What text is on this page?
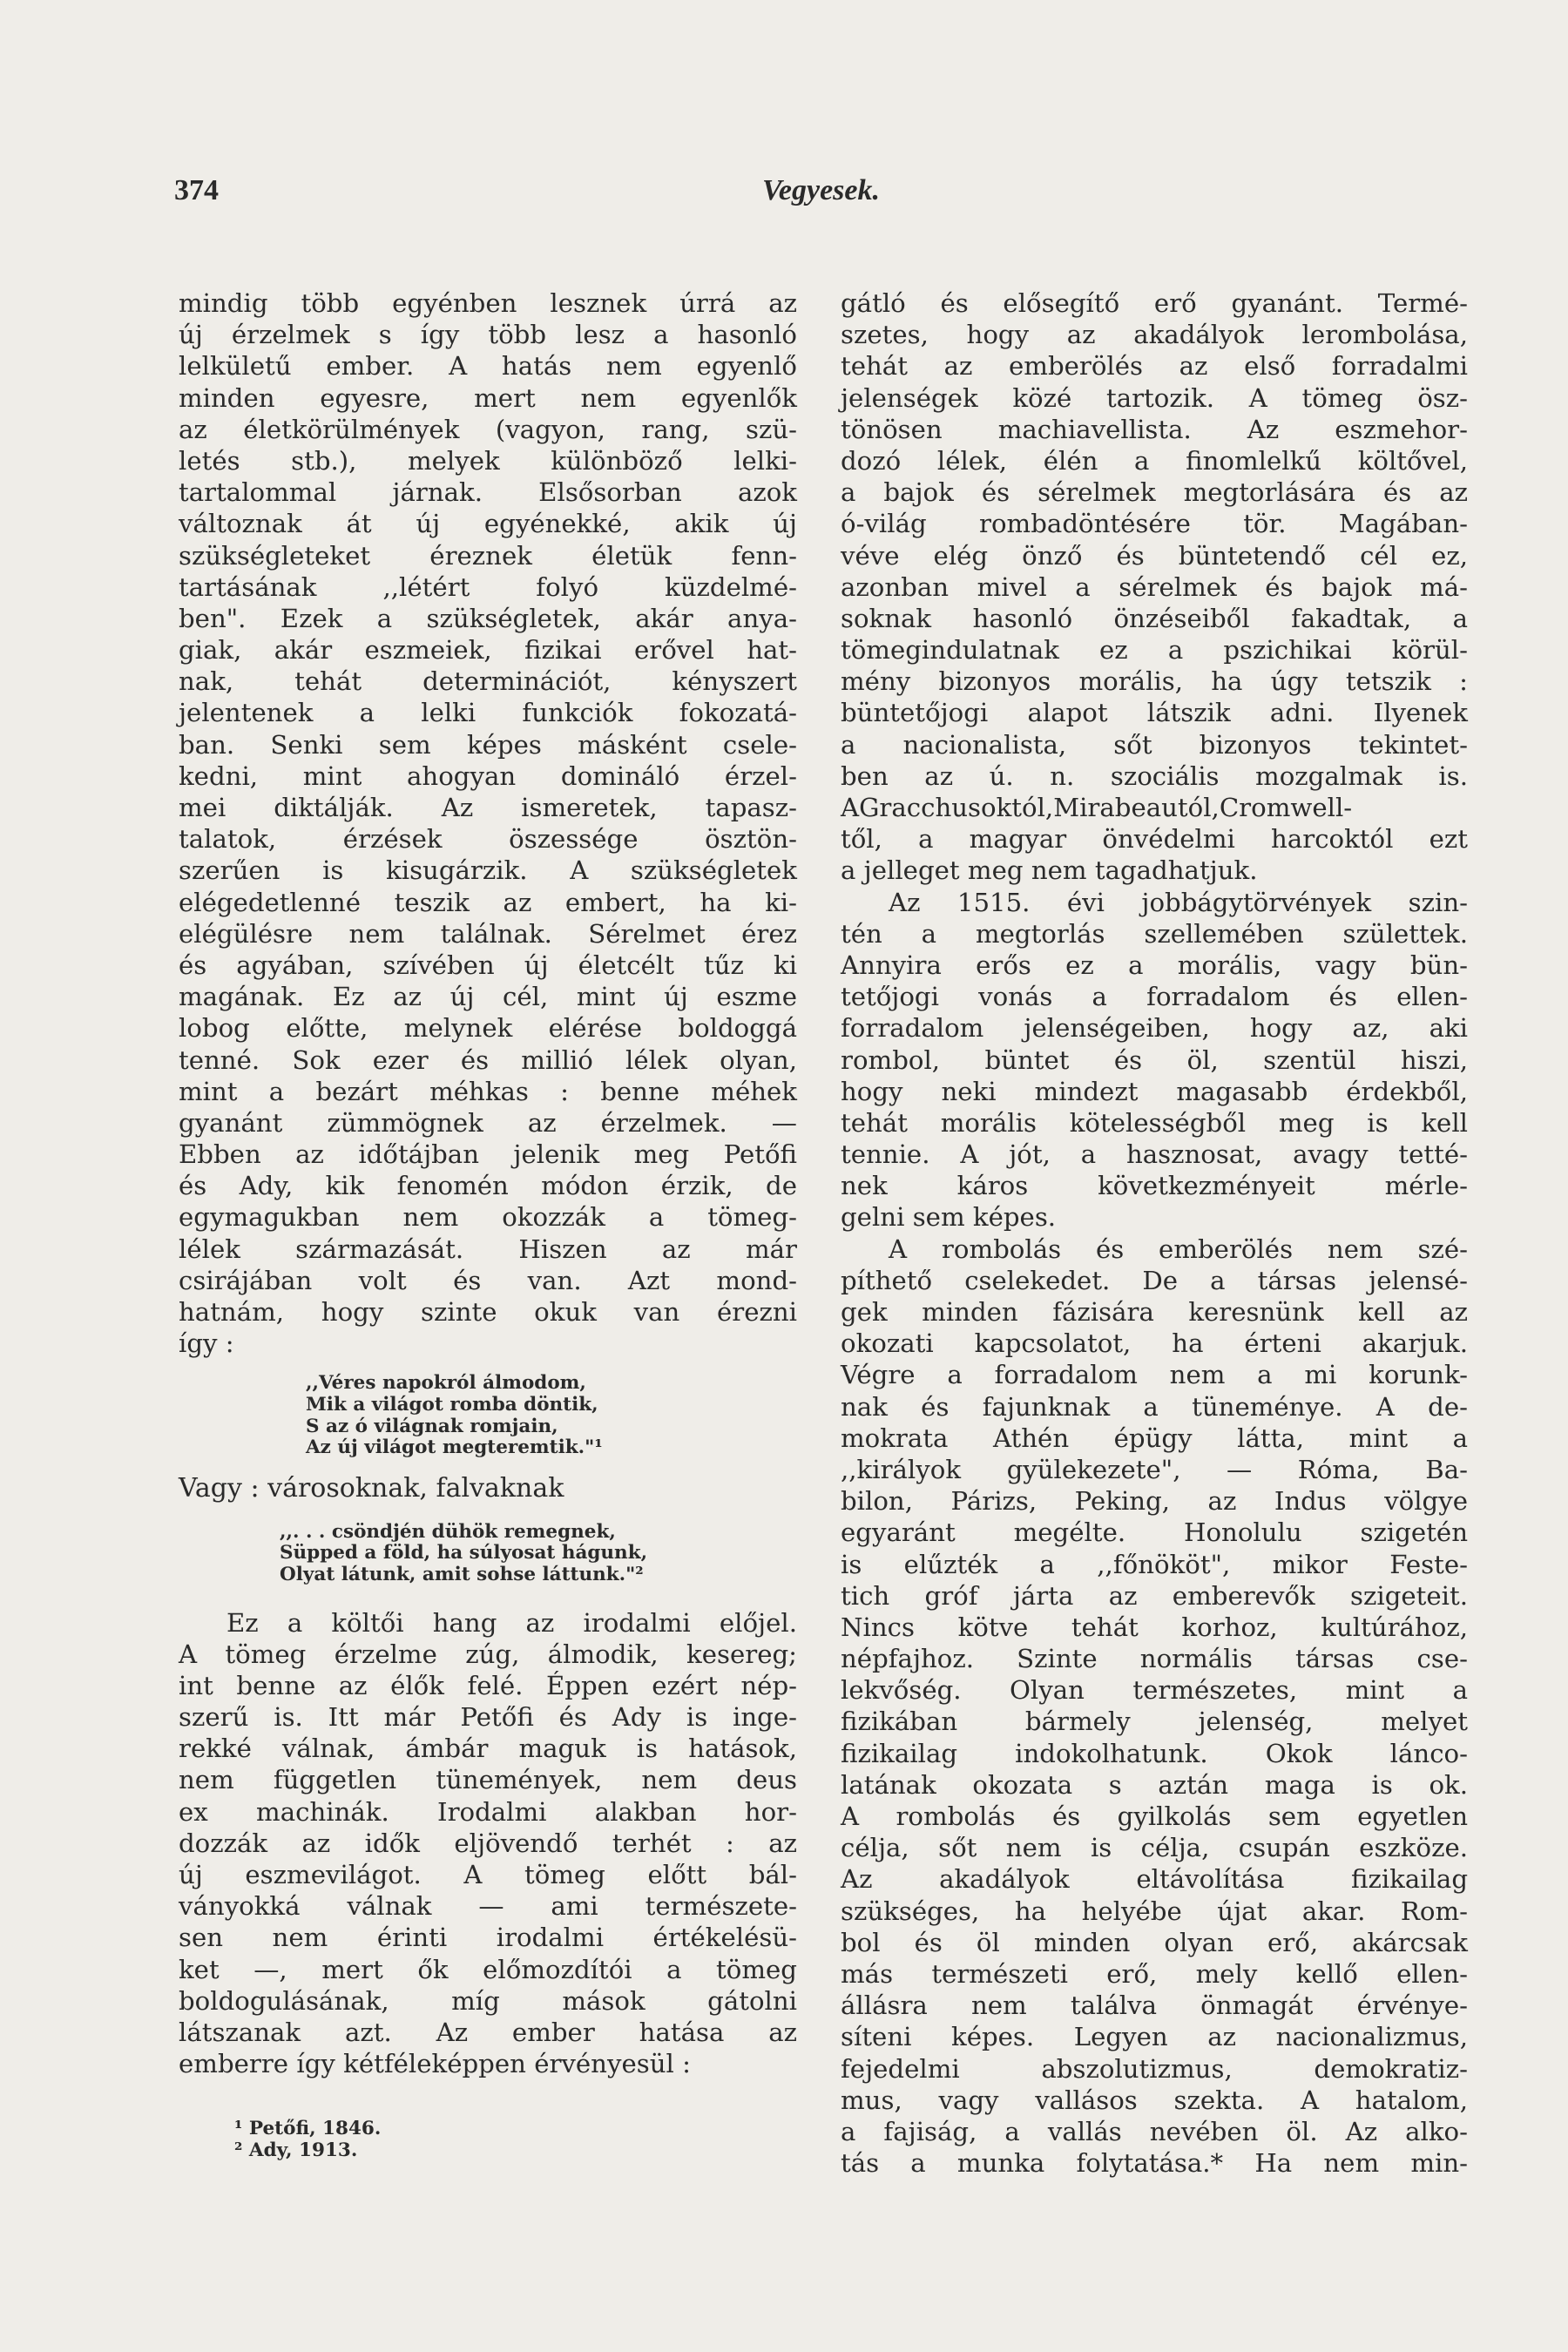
374	Vegyesek.
mindig több egyénben lesznek úrrá az
új érzelmek s így több lesz a hasonló
lelkületű ember. A hatás nem egyenlő
minden egyesre, mert nem egyenlők
az életkörülmények (vagyon, rang, szü-
letés stb.), melyek különböző lelki-
tartalommal járnak. Elsősorban azok
változnak át új egyénekké, akik új
szükségleteket éreznek életük fenn-
tartásának ,,létért folyó küzdelmé-
ben". Ezek a szükségletek, akár anya-
giak, akár eszmeiek, fizikai erővel hat-
nak, tehát determinációt, kényszert
jelentenek a lelki funkciók fokozatá-
ban. Senki sem képes másként csele-
kedni, mint ahogyan domináló érzel-
mei diktálják. Az ismeretek, tapasz-
talatok, érzések öszessége ösztön-
szerűen is kisugárzik. A szükségletek
elégedetlenné teszik az embert, ha ki-
elégülésre nem találnak. Sérelmet érez
és agyában, szívében új életcélt tűz ki
magának. Ez az új cél, mint új eszme
lobog előtte, melynek elérése boldoggá
tenné. Sok ezer és millió lélek olyan,
mint a bezárt méhkas : benne méhek
gyanánt zümmögnek az érzelmek. —
Ebben az időtájban jelenik meg Petőfi
és Ady, kik fenomén módon érzik, de
egymagukban nem okozzák a tömeg-
lélek származását. Hiszen az már
csirájában volt és van. Azt mond-
hatnám, hogy szinte okuk van érezni
így :
,,Véres napokról álmodom,
Mik a világot romba döntik,
S az ó világnak romjain,
Az új világot megteremtik."¹
Vagy : városoknak, falvaknak
,,. . . csöndjén dühök remegnek,
Süpped a föld, ha súlyosat hágunk,
Olyat látunk, amit sohse láttunk."²
Ez a költői hang az irodalmi előjel.
A tömeg érzelme zúg, álmodik, kesereg;
int benne az élők felé. Éppen ezért nép-
szerű is. Itt már Petőfi és Ady is inge-
rekké válnak, ámbár maguk is hatások,
nem független tünemények, nem deus
ex machinák. Irodalmi alakban hor-
dozzák az idők eljövendő terhét : az
új eszmevilágot. A tömeg előtt bál-
ványokká válnak — ami természete-
sen nem érinti irodalmi értékelésü-
ket —, mert ők előmozdítói a tömeg
boldogulásának, míg mások gátolni
látszanak azt. Az ember hatása az
emberre így kétféleképpen érvényesül :
¹ Petőfi, 1846.
² Ady, 1913.
gátló és elősegítő erő gyanánt. Termé-
szetes, hogy az akadályok lerombolása,
tehát az emberölés az első forradalmi
jelenségek közé tartozik. A tömeg ösz-
tönösen machiavellista. Az eszmehor-
dozó lélek, élén a finomlelkű költővel,
a bajok és sérelmek megtorlására és az
ó-világ rombadöntésére tör. Magában-
véve elég önző és büntetendő cél ez,
azonban mivel a sérelmek és bajok má-
soknak hasonló önzéseiből fakadtak, a
tömegindulatnak ez a pszichikai körül-
mény bizonyos morális, ha úgy tetszik :
büntetőjogi alapot látszik adni. Ilyenek
a nacionalista, sőt bizonyos tekintet-
ben az ú. n. szociális mozgalmak is.
AGracchusoktól,Mirabeautól,Cromwell-
től, a magyar önvédelmi harcoktól ezt
a jelleget meg nem tagadhatjuk.
Az 1515. évi jobbágytörvények szin-
tén a megtorlás szellemében születtek.
Annyira erős ez a morális, vagy bün-
tetőjogi vonás a forradalom és ellen-
forradalom jelenségeiben, hogy az, aki
rombol, büntet és öl, szentül hiszi,
hogy neki mindezt magasabb érdekből,
tehát morális kötelességből meg is kell
tennie. A jót, a hasznosat, avagy tetté-
nek káros következményeit mérle-
gelni sem képes.
A rombolás és emberölés nem szé-
píthető cselekedet. De a társas jelensé-
gek minden fázisára keresnünk kell az
okozati kapcsolatot, ha érteni akarjuk.
Végre a forradalom nem a mi korunk-
nak és fajunknak a tüneménye. A de-
mokrata Athén épügy látta, mint a
,,királyok gyülekezete", — Róma, Ba-
bilon, Párizs, Peking, az Indus völgye
egyaránt megélte. Honolulu szigetén
is elűzték a ,,főnököt", mikor Feste-
tich gróf járta az emberevők szigeteit.
Nincs kötve tehát korhoz, kultúrához,
népfajhoz. Szinte normális társas cse-
lekvőség. Olyan természetes, mint a
fizikában bármely jelenség, melyet
fizikailag indokolhatunk. Okok lánco-
latának okozata s aztán maga is ok.
A rombolás és gyilkolás sem egyetlen
célja, sőt nem is célja, csupán eszköze.
Az akadályok eltávolítása fizikailag
szükséges, ha helyébe újat akar. Rom-
bol és öl minden olyan erő, akárcsak
más természeti erő, mely kellő ellen-
állásra nem találva önmagát érvénye-
síteni képes. Legyen az nacionalizmus,
fejedelmi abszolutizmus, demokratiz-
mus, vagy vallásos szekta. A hatalom,
a fajiság, a vallás nevében öl. Az alko-
tás a munka folytatása.* Ha nem min-
